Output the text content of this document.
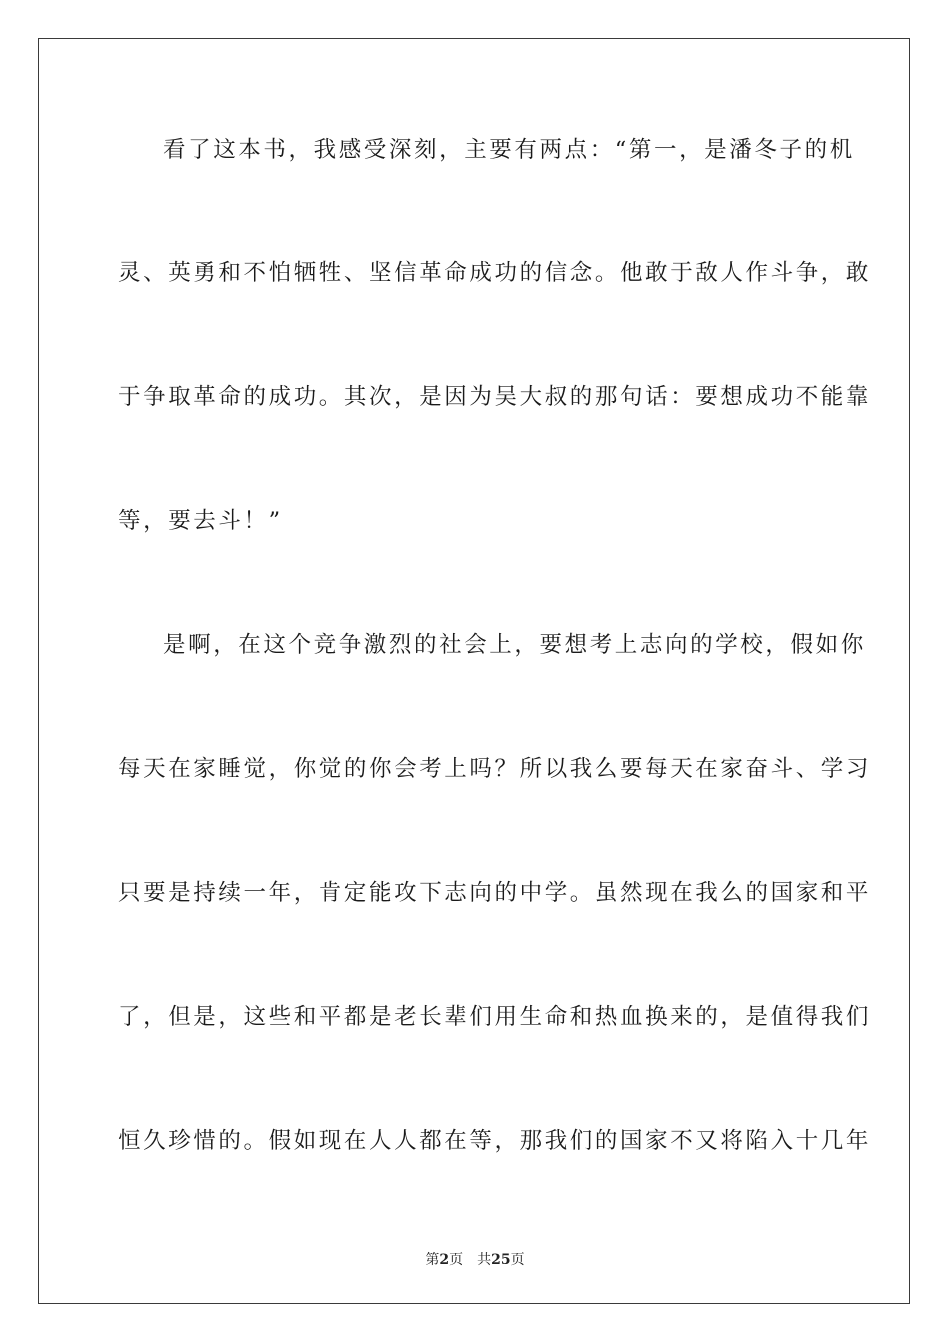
看了这本书，我感受深刻，主要有两点：“第一，是潘冬子的机
灵、英勇和不怕牺牲、坚信革命成功的信念。他敢于敌人作斗争，敢
于争取革命的成功。其次，是因为吴大叔的那句话：要想成功不能靠
等，要去斗！”
是啊，在这个竞争激烈的社会上，要想考上志向的学校，假如你
每天在家睡觉，你觉的你会考上吗？所以我么要每天在家奋斗、学习
只要是持续一年，肯定能攻下志向的中学。虽然现在我么的国家和平
了，但是，这些和平都是老长辈们用生命和热血换来的，是值得我们
恒久珍惜的。假如现在人人都在等，那我们的国家不又将陷入十几年
第2页 共25页
